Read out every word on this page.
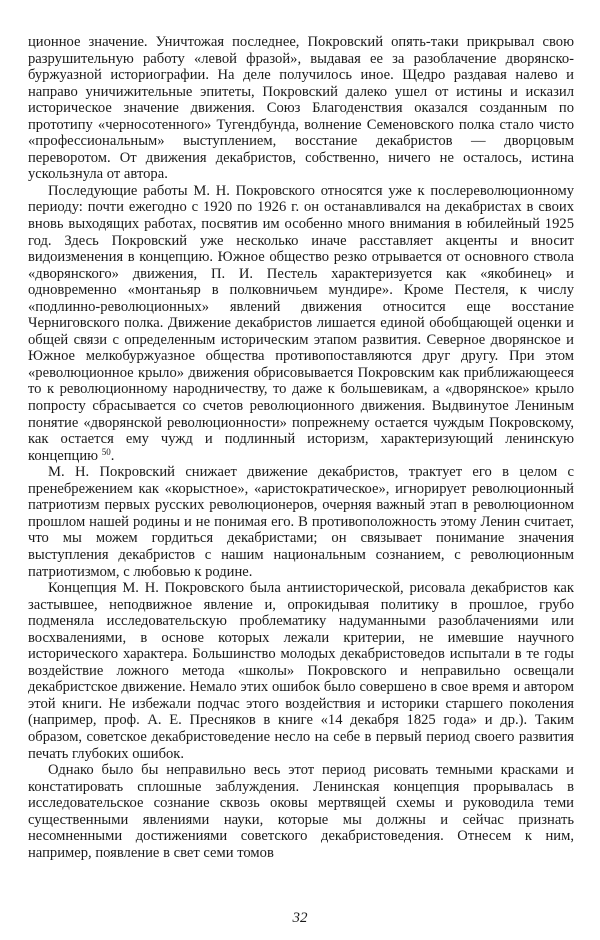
ционное значение. Уничтожая последнее, Покровский опять-таки прикрывал свою разрушительную работу «левой фразой», выдавая ее за разоблачение дворянско-буржуазной историографии. На деле получилось иное. Щедро раздавая налево и направо уничижительные эпитеты, Покровский далеко ушел от истины и исказил историческое значение движения. Союз Благоденствия оказался созданным по прототипу «черносотенного» Тугендбунда, волнение Семеновского полка стало чисто «профессиональным» выступлением, восстание декабристов — дворцовым переворотом. От движения декабристов, собственно, ничего не осталось, истина ускользнула от автора.

Последующие работы М. Н. Покровского относятся уже к послереволюционному периоду: почти ежегодно с 1920 по 1926 г. он останавливался на декабристах в своих вновь выходящих работах, посвятив им особенно много внимания в юбилейный 1925 год. Здесь Покровский уже несколько иначе расставляет акценты и вносит видоизменения в концепцию. Южное общество резко отрывается от основного ствола «дворянского» движения, П. И. Пестель характеризуется как «якобинец» и одновременно «монтаньяр в полковничьем мундире». Кроме Пестеля, к числу «подлинно-революционных» явлений движения относится еще восстание Черниговского полка. Движение декабристов лишается единой обобщающей оценки и общей связи с определенным историческим этапом развития. Северное дворянское и Южное мелкобуржуазное общества противопоставляются друг другу. При этом «революционное крыло» движения обрисовывается Покровским как приближающееся то к революционному народничеству, то даже к большевикам, а «дворянское» крыло попросту сбрасывается со счетов революционного движения. Выдвинутое Лениным понятие «дворянской революционности» попрежнему остается чуждым Покровскому, как остается ему чужд и подлинный историзм, характеризующий ленинскую концепцию $^{50}$.

М. Н. Покровский снижает движение декабристов, трактует его в целом с пренебрежением как «корыстное», «аристократическое», игнорирует революционный патриотизм первых русских революционеров, очерняя важный этап в революционном прошлом нашей родины и не понимая его. В противоположность этому Ленин считает, что мы можем гордиться декабристами; он связывает понимание значения выступления декабристов с нашим национальным сознанием, с революционным патриотизмом, с любовью к родине.

Концепция М. Н. Покровского была антиисторической, рисовала декабристов как застывшее, неподвижное явление и, опрокидывая политику в прошлое, грубо подменяла исследовательскую проблематику надуманными разоблачениями или восхвалениями, в основе которых лежали критерии, не имевшие научного исторического характера. Большинство молодых декабристоведов испытали в те годы воздействие ложного метода «школы» Покровского и неправильно освещали декабристское движение. Немало этих ошибок было совершено в свое время и автором этой книги. Не избежали подчас этого воздействия и историки старшего поколения (например, проф. А. Е. Пресняков в книге «14 декабря 1825 года» и др.). Таким образом, советское декабристоведение несло на себе в первый период своего развития печать глубоких ошибок.

Однако было бы неправильно весь этот период рисовать темными красками и констатировать сплошные заблуждения. Ленинская концепция прорывалась в исследовательское сознание сквозь оковы мертвящей схемы и руководила теми существенными явлениями науки, которые мы должны и сейчас признать несомненными достижениями советского декабристоведения. Отнесем к ним, например, появление в свет семи томов

32
